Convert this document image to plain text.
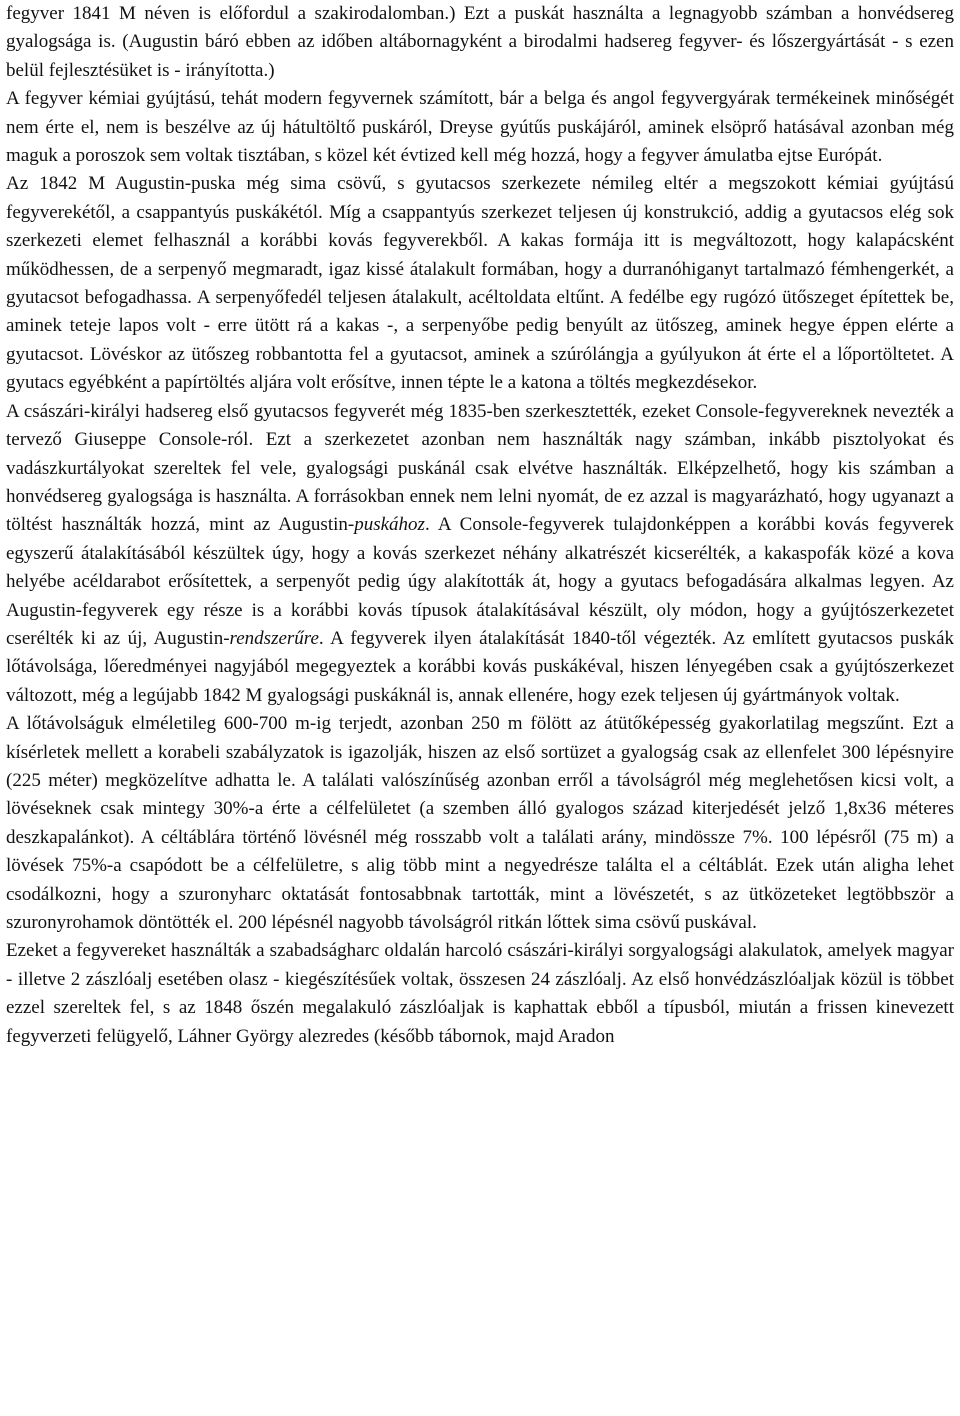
fegyver 1841 M néven is előfordul a szakirodalomban.) Ezt a puskát használta a legnagyobb számban a honvédsereg gyalogsága is. (Augustin báró ebben az időben altábornagyként a birodalmi hadsereg fegyver- és lőszergyártását - s ezen belül fejlesztésüket is - irányította.)

A fegyver kémiai gyújtású, tehát modern fegyvernek számított, bár a belga és angol fegyvergyárak termékeinek minőségét nem érte el, nem is beszélve az új hátultöltő puskáról, Dreyse gyútűs puskájáról, aminek elsöprő hatásával azonban még maguk a poroszok sem voltak tisztában, s közel két évtized kell még hozzá, hogy a fegyver ámulatba ejtse Európát.

Az 1842 M Augustin-puska még sima csövű, s gyutacsos szerkezete némileg eltér a megszokott kémiai gyújtású fegyverekétől, a csappantyús puskákétól. Míg a csappantyús szerkezet teljesen új konstrukció, addig a gyutacsos elég sok szerkezeti elemet felhasznál a korábbi kovás fegyverekből. A kakas formája itt is megváltozott, hogy kalapácsként működhessen, de a serpenyő megmaradt, igaz kissé átalakult formában, hogy a durranóhiganyt tartalmazó fémhengerkét, a gyutacsot befogadhassa. A serpenyőfedél teljesen átalakult, acéltoldata eltűnt. A fedélbe egy rugózó ütőszeget építettek be, aminek teteje lapos volt - erre ütött rá a kakas -, a serpenyőbe pedig benyúlt az ütőszeg, aminek hegye éppen elérte a gyutacsot. Lövéskor az ütőszeg robbantotta fel a gyutacsot, aminek a szúrólángja a gyúlyukon át érte el a lőportöltetet. A gyutacs egyébként a papírtöltés aljára volt erősítve, innen tépte le a katona a töltés megkezdésekor.

A császári-királyi hadsereg első gyutacsos fegyverét még 1835-ben szerkesztették, ezeket Console-fegyvereknek nevezték a tervező Giuseppe Console-ról. Ezt a szerkezetet azonban nem használták nagy számban, inkább pisztolyokat és vadászkurtályokat szereltek fel vele, gyalogsági puskánál csak elvétve használták. Elképzelhető, hogy kis számban a honvédsereg gyalogsága is használta. A forrásokban ennek nem lelni nyomát, de ez azzal is magyarázható, hogy ugyanazt a töltést használták hozzá, mint az Augustin-puskához. A Console-fegyverek tulajdonképpen a korábbi kovás fegyverek egyszerű átalakításából készültek úgy, hogy a kovás szerkezet néhány alkatrészét kicserélték, a kakaspofák közé a kova helyébe acéldarabot erősítettek, a serpenyőt pedig úgy alakították át, hogy a gyutacs befogadására alkalmas legyen. Az Augustin-fegyverek egy része is a korábbi kovás típusok átalakításával készült, oly módon, hogy a gyújtószerkezetet cserélték ki az új, Augustin-rendszerűre. A fegyverek ilyen átalakítását 1840-től végezték. Az említett gyutacsos puskák lőtávolsága, lőeredményei nagyjából megegyeztek a korábbi kovás puskákéval, hiszen lényegében csak a gyújtószerkezet változott, még a legújabb 1842 M gyalogsági puskáknál is, annak ellenére, hogy ezek teljesen új gyártmányok voltak.

A lőtávolságuk elméletileg 600-700 m-ig terjedt, azonban 250 m fölött az átütőképesség gyakorlatilag megszűnt. Ezt a kísérletek mellett a korabeli szabályzatok is igazolják, hiszen az első sortüzet a gyalogság csak az ellenfelet 300 lépésnyire (225 méter) megközelítve adhatta le. A találati valószínűség azonban erről a távolságról még meglehetősen kicsi volt, a lövéseknek csak mintegy 30%-a érte a célfelületet (a szemben álló gyalogos század kiterjedését jelző 1,8x36 méteres deszkapalánkot). A céltáblára történő lövésnél még rosszabb volt a találati arány, mindössze 7%. 100 lépésről (75 m) a lövések 75%-a csapódott be a célfelületre, s alig több mint a negyedrésze találta el a céltáblát. Ezek után aligha lehet csodálkozni, hogy a szuronyharc oktatását fontosabbnak tartották, mint a lövészetét, s az ütközeteket legtöbbször a szuronyrohamok döntötték el. 200 lépésnél nagyobb távolságról ritkán lőttek sima csövű puskával.

Ezeket a fegyvereket használták a szabadságharc oldalán harcoló császári-királyi sorgyalogsági alakulatok, amelyek magyar - illetve 2 zászlóalj esetében olasz - kiegészítésűek voltak, összesen 24 zászlóalj. Az első honvédzászlóaljak közül is többet ezzel szereltek fel, s az 1848 őszén megalakuló zászlóaljak is kaphattak ebből a típusból, miután a frissen kinevezett fegyverzeti felügyelő, Láhner György alezredes (később tábornok, majd Aradon
